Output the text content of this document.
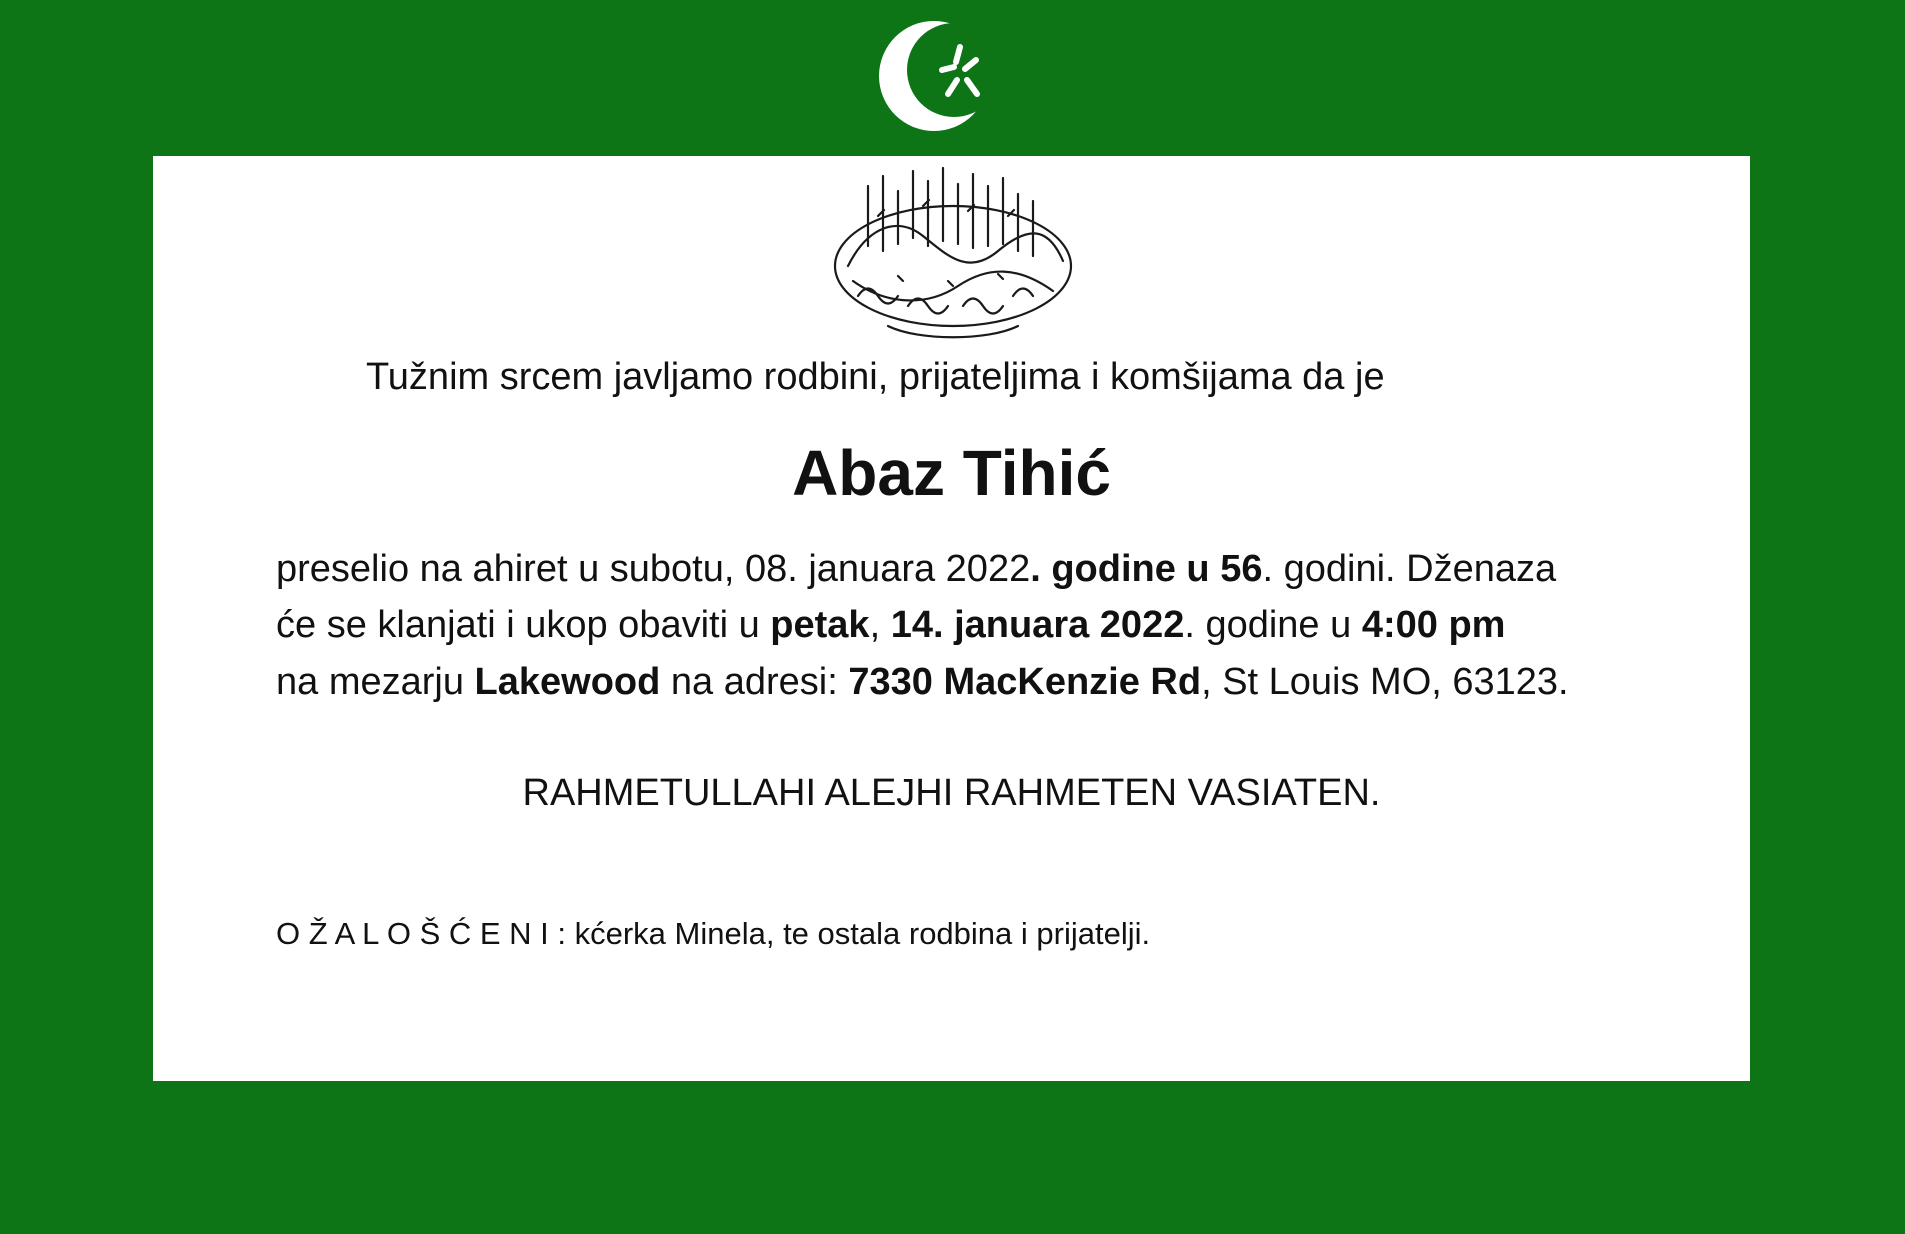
Tužnim srcem javljamo rodbini, prijateljima i komšijama da je
Abaz Tihić
preselio na ahiret u subotu, 08. januara 2022. godine u 56. godini. Dženaza
će se klanjati i ukop obaviti u petak, 14. januara 2022. godine u 4:00 pm
na mezarju Lakewood na adresi: 7330 MacKenzie Rd, St Louis MO, 63123.
RAHMETULLAHI ALEJHI RAHMETEN VASIATEN.
O Ž A L O Š Ć E N I : kćerka Minela, te ostala rodbina i prijatelji.
